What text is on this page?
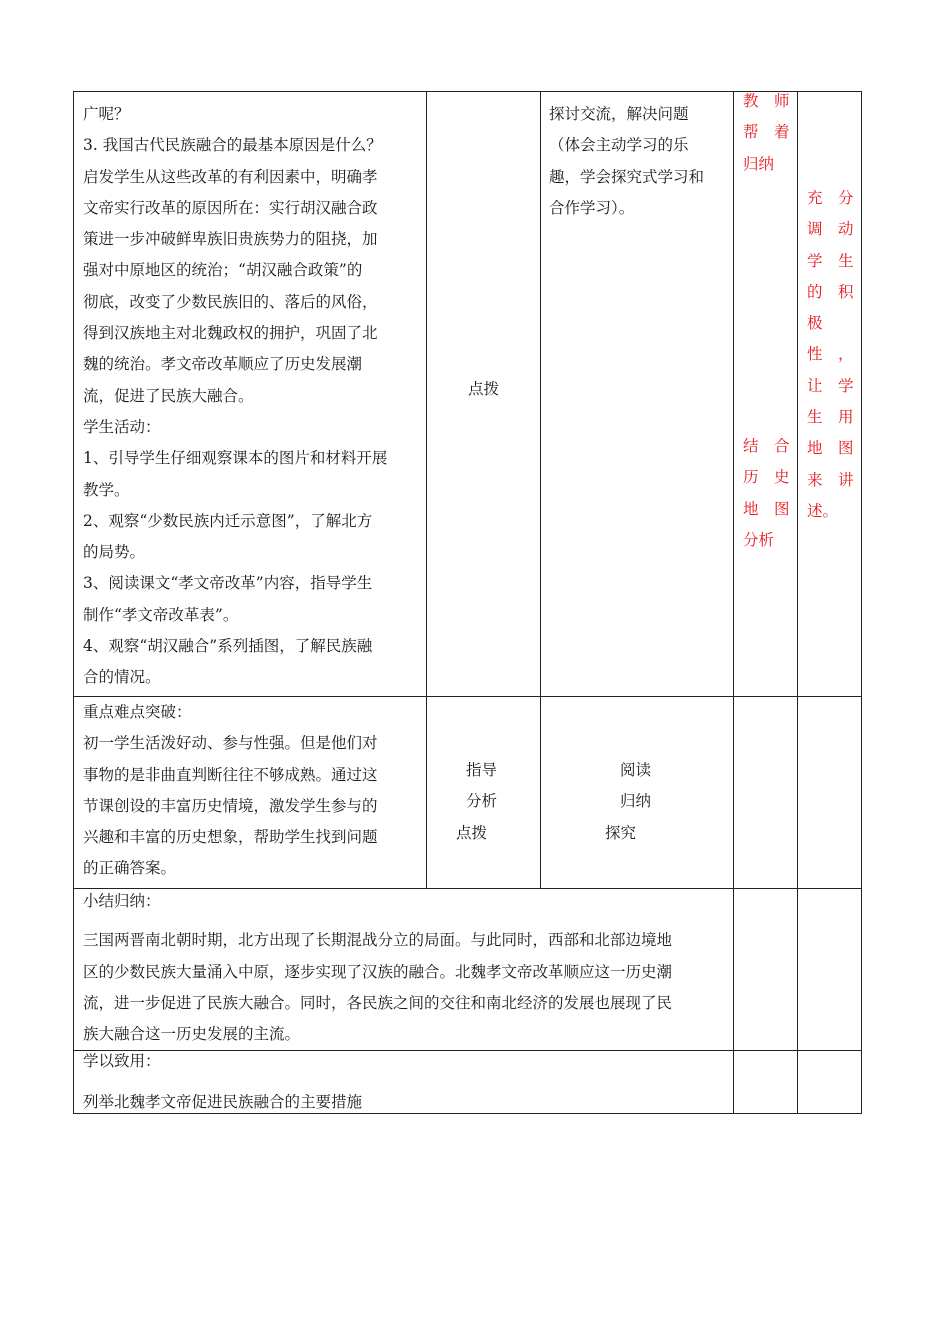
广呢？

3. 我国古代民族融合的最基本原因是什么？

启发学生从这些改革的有利因素中，明确孝

文帝实行改革的原因所在：实行胡汉融合政

策进一步冲破鲜卑族旧贵族势力的阻挠，加

强对中原地区的统治；“胡汉融合政策”的

彻底，改变了少数民族旧的、落后的风俗，

得到汉族地主对北魏政权的拥护，巩固了北

魏的统治。孝文帝改革顺应了历史发展潮

流，促进了民族大融合。

学生活动：

1、引导学生仔细观察课本的图片和材料开展

教学。

2、观察“少数民族内迁示意图”，了解北方

的局势。

3、阅读课文“孝文帝改革”内容，指导学生

制作“孝文帝改革表”。

4、观察“胡汉融合”系列插图，了解民族融

合的情况。

点拨

探讨交流，解决问题

（体会主动学习的乐

趣，学会探究式学习和

合作学习）。

教　师

帮　着

归纳

结　合

历　史

地　图

分析

充　分

调　动

学　生

的　积

极

性　，

让　学

生　用

地　图

来　讲

述。

重点难点突破：

初一学生活泼好动、参与性强。但是他们对

事物的是非曲直判断往往不够成熟。通过这

节课创设的丰富历史情境，激发学生参与的

兴趣和丰富的历史想象，帮助学生找到问题

的正确答案。

指导

分析

点拨

阅读

归纳

探究

小结归纳：

三国两晋南北朝时期，北方出现了长期混战分立的局面。与此同时，西部和北部边境地

区的少数民族大量涌入中原，逐步实现了汉族的融合。北魏孝文帝改革顺应这一历史潮

流，进一步促进了民族大融合。同时，各民族之间的交往和南北经济的发展也展现了民

族大融合这一历史发展的主流。

学以致用：

列举北魏孝文帝促进民族融合的主要措施
